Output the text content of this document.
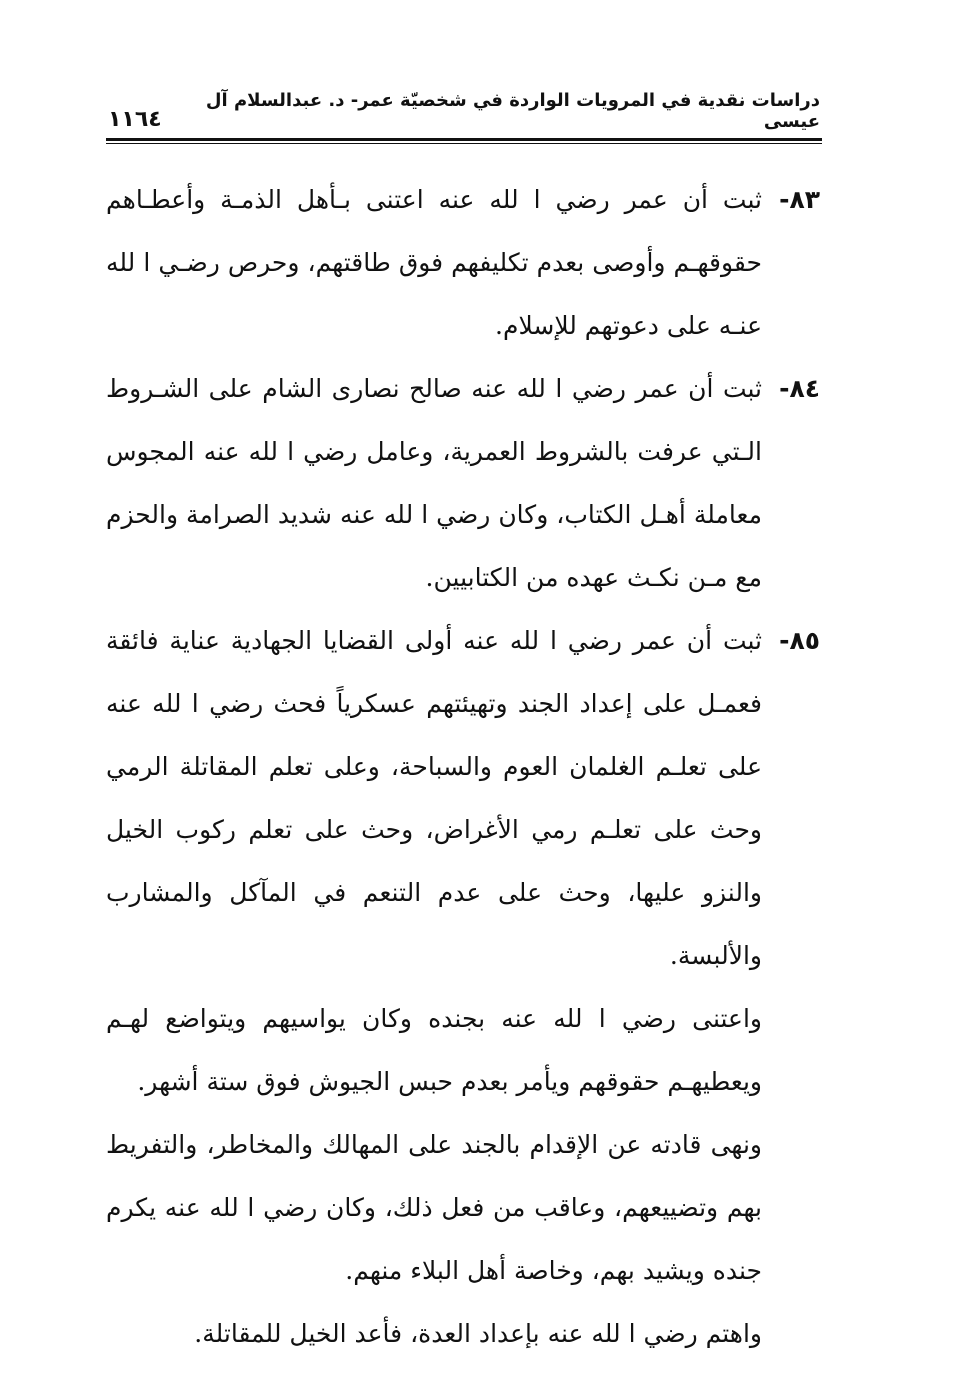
دراسات نقدية في المرويات الواردة في شخصيّة عمر- د. عبدالسلام آل عيسى
١١٦٤
٨٣-
ثبت أن عمر رضي ا لله عنه اعتنى بـأهل الذمـة وأعطـاهم حقوقهـم وأوصى بعدم تكليفهم فوق طاقتهم، وحرص رضـي ا لله عنـه على دعوتهم للإسلام.
٨٤-
ثبت أن عمر رضي ا لله عنه صالح نصارى الشام على الشـروط الـتي عرفت بالشروط العمرية، وعامل رضي ا لله عنه المجوس معاملة أهـل الكتاب، وكان رضي ا لله عنه شديد الصرامة والحزم مع مـن نكـث عهده من الكتابيين.
٨٥-
ثبت أن عمر رضي ا لله عنه أولى القضايا الجهادية عناية فائقة فعمـل على إعداد الجند وتهيئتهم عسكرياً فحث رضي ا لله عنه على تعلـم الغلمان العوم والسباحة، وعلى تعلم المقاتلة الرمي وحث على تعلـم رمي الأغراض، وحث على تعلم ركوب الخيل والنزو عليها، وحث على عدم التنعم في المآكل والمشارب والألبسة.
واعتنى رضي ا لله عنه بجنده وكان يواسيهم ويتواضع لهـم ويعطيهـم حقوقهم ويأمر بعدم حبس الجيوش فوق ستة أشهر.
ونهى قادته عن الإقدام بالجند على المهالك والمخاطر، والتفريط بهم وتضييعهم، وعاقب من فعل ذلك، وكان رضي ا لله عنه يكرم جنده ويشيد بهم، وخاصة أهل البلاء منهم.
واهتم رضي ا لله عنه بإعداد العدة، فأعد الخيل للمقاتلة.
